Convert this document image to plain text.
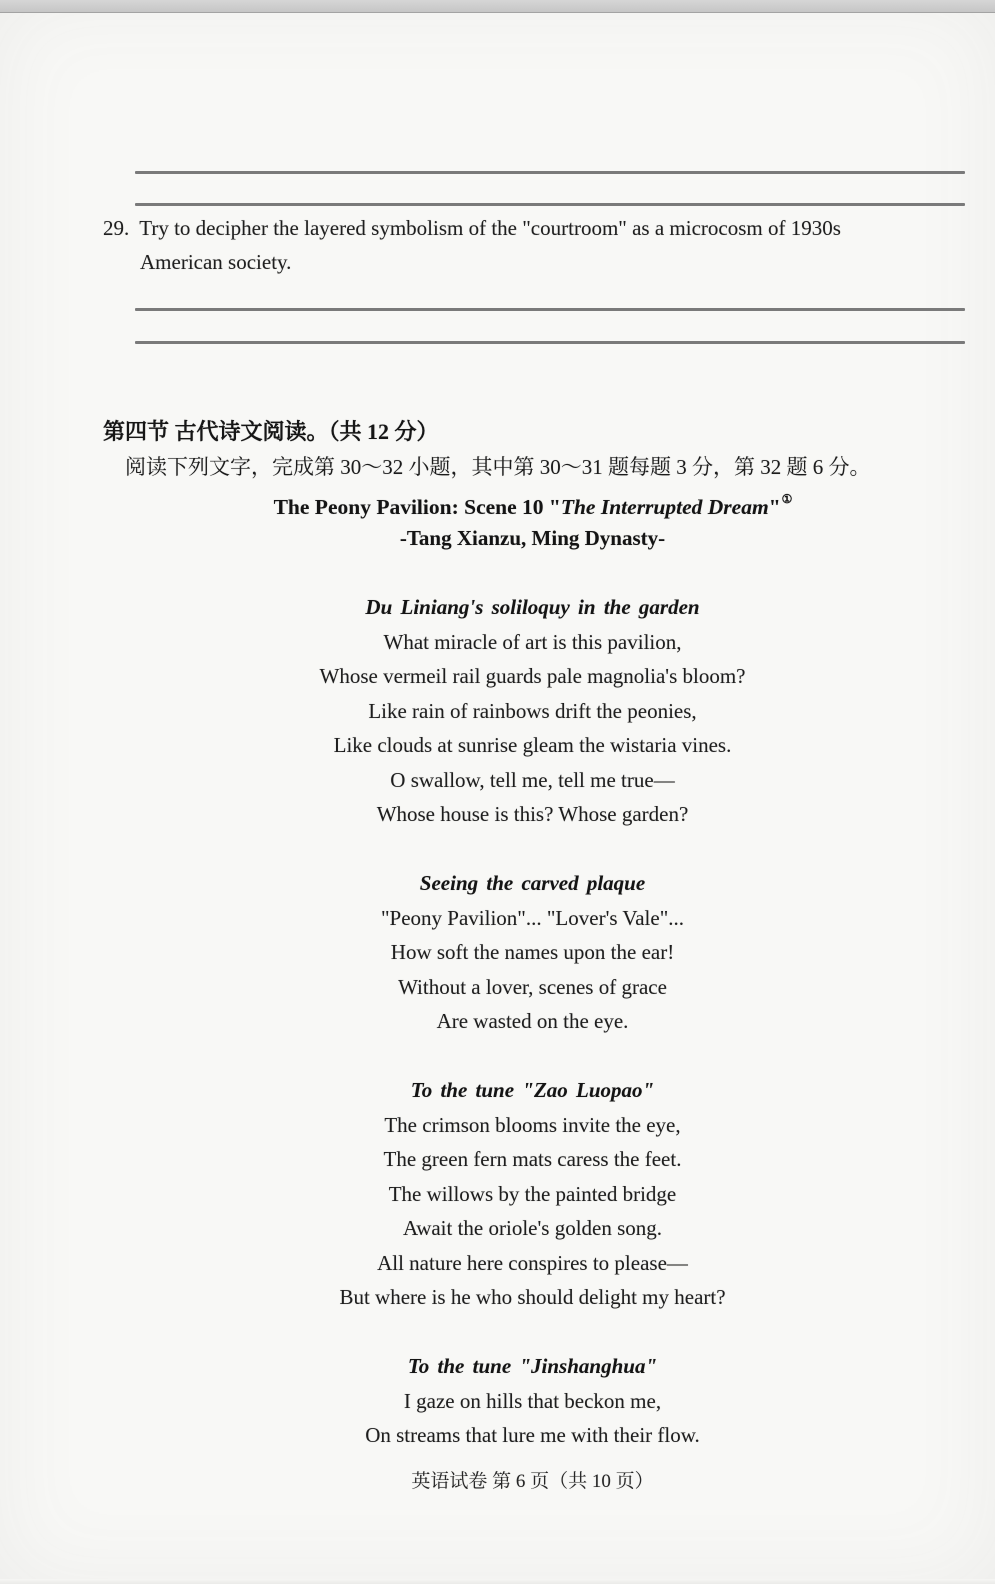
29. Try to decipher the layered symbolism of the "courtroom" as a microcosm of 1930s
American society.
第四节 古代诗文阅读。（共 12 分）
阅读下列文字，完成第 30～32 小题，其中第 30～31 题每题 3 分，第 32 题 6 分。
The Peony Pavilion: Scene 10 "The Interrupted Dream"①
-Tang Xianzu, Ming Dynasty-
Du Liniang's soliloquy in the garden
What miracle of art is this pavilion,
Whose vermeil rail guards pale magnolia's bloom?
Like rain of rainbows drift the peonies,
Like clouds at sunrise gleam the wistaria vines.
O swallow, tell me, tell me true—
Whose house is this? Whose garden?
Seeing the carved plaque
"Peony Pavilion"... "Lover's Vale"...
How soft the names upon the ear!
Without a lover, scenes of grace
Are wasted on the eye.
To the tune "Zao Luopao"
The crimson blooms invite the eye,
The green fern mats caress the feet.
The willows by the painted bridge
Await the oriole's golden song.
All nature here conspires to please—
But where is he who should delight my heart?
To the tune "Jinshanghua"
I gaze on hills that beckon me,
On streams that lure me with their flow.
英语试卷 第 6 页（共 10 页）
